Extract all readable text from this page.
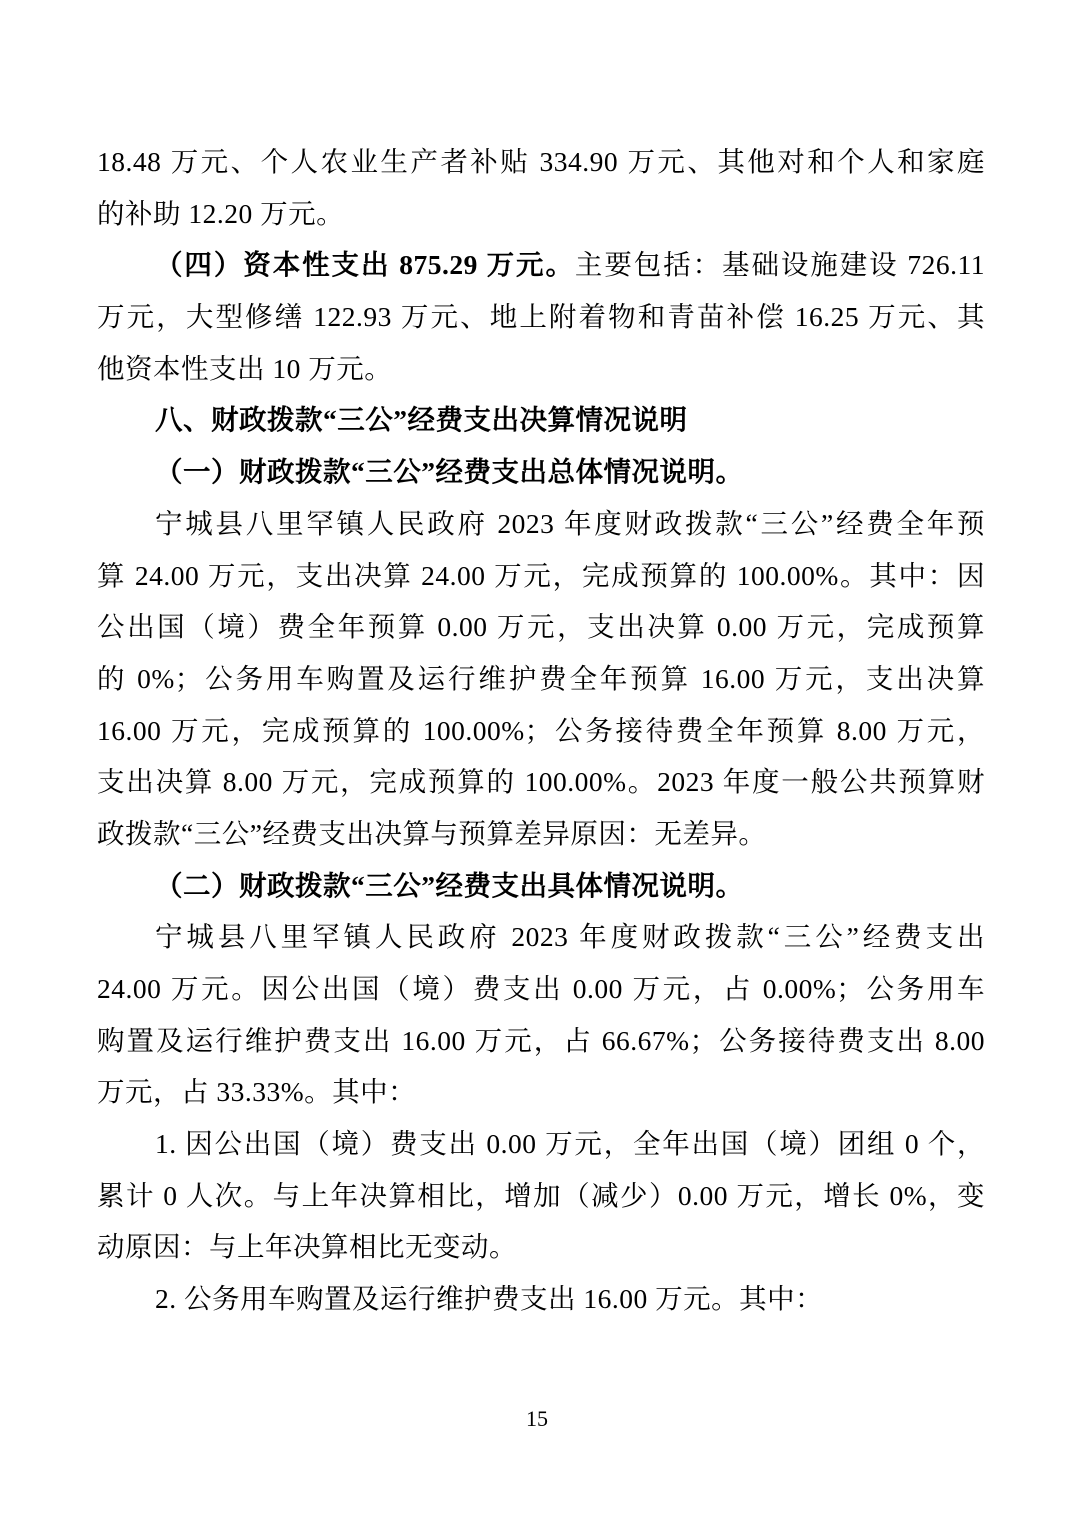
18.48 万元、个人农业生产者补贴 334.90 万元、其他对和个人和家庭
的补助 12.20 万元。
（四）资本性支出 875.29 万元。主要包括：基础设施建设 726.11
万元，大型修缮 122.93 万元、地上附着物和青苗补偿 16.25 万元、其
他资本性支出 10 万元。
八、财政拨款“三公”经费支出决算情况说明
（一）财政拨款“三公”经费支出总体情况说明。
宁城县八里罕镇人民政府 2023 年度财政拨款“三公”经费全年预
算 24.00 万元，支出决算 24.00 万元，完成预算的 100.00%。其中：因
公出国（境）费全年预算 0.00 万元，支出决算 0.00 万元，完成预算
的 0%；公务用车购置及运行维护费全年预算 16.00 万元，支出决算
16.00 万元，完成预算的 100.00%；公务接待费全年预算 8.00 万元，
支出决算 8.00 万元，完成预算的 100.00%。2023 年度一般公共预算财
政拨款“三公”经费支出决算与预算差异原因：无差异。
（二）财政拨款“三公”经费支出具体情况说明。
宁城县八里罕镇人民政府 2023 年度财政拨款“三公”经费支出
24.00 万元。因公出国（境）费支出 0.00 万元，占 0.00%；公务用车
购置及运行维护费支出 16.00 万元，占 66.67%；公务接待费支出 8.00
万元，占 33.33%。其中：
1. 因公出国（境）费支出 0.00 万元，全年出国（境）团组 0 个，
累计 0 人次。与上年决算相比，增加（减少）0.00 万元，增长 0%，变
动原因：与上年决算相比无变动。
2. 公务用车购置及运行维护费支出 16.00 万元。其中：
15
